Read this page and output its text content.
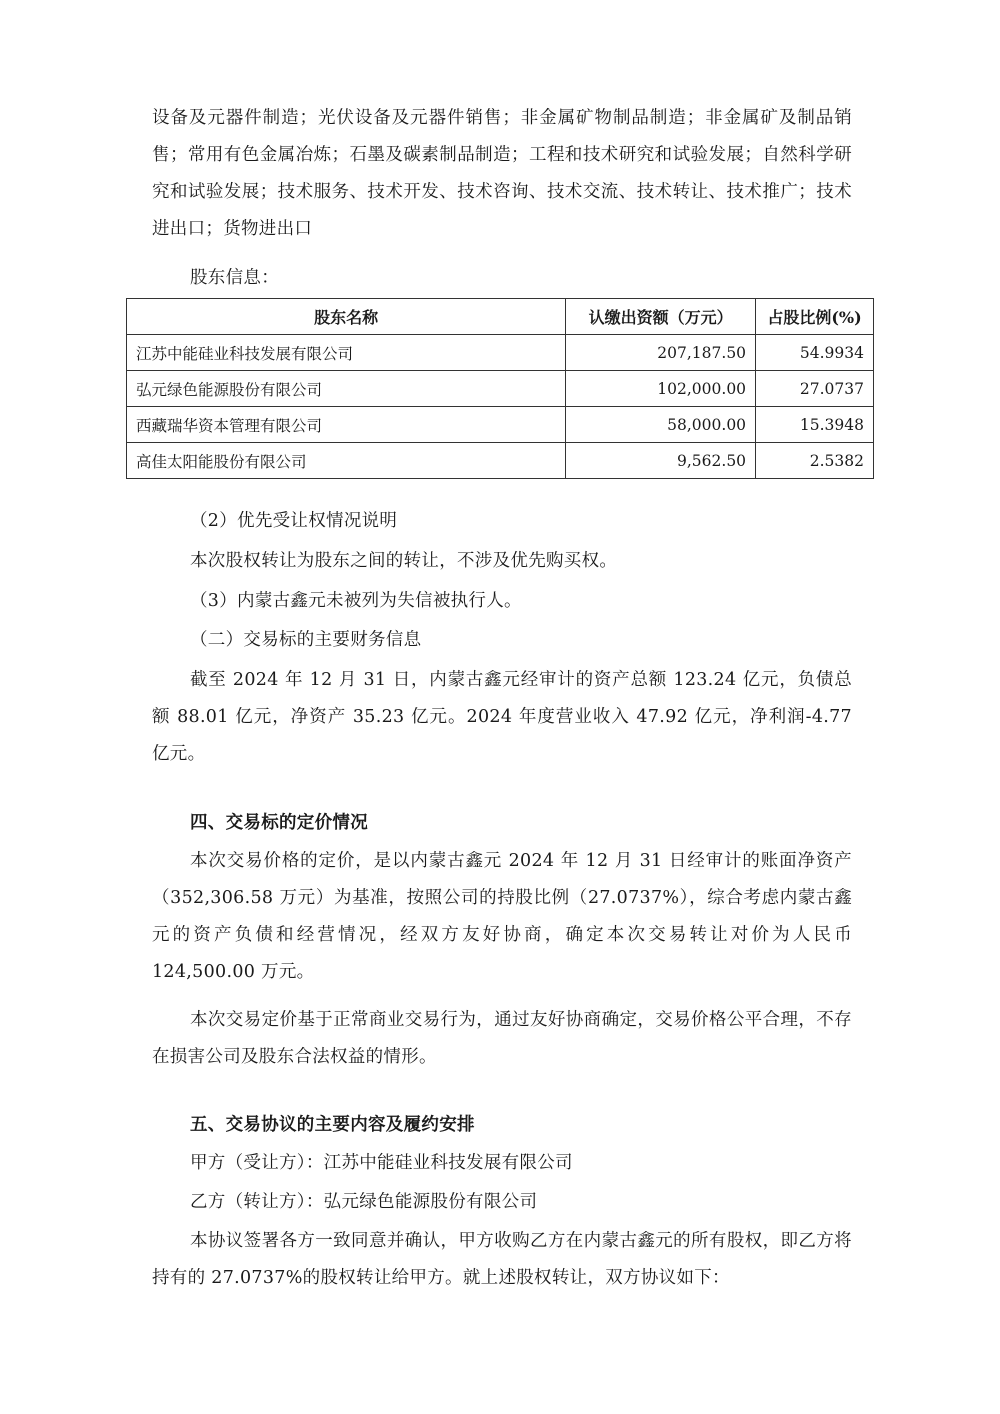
设备及元器件制造；光伏设备及元器件销售；非金属矿物制品制造；非金属矿及制品销售；常用有色金属冶炼；石墨及碳素制品制造；工程和技术研究和试验发展；自然科学研究和试验发展；技术服务、技术开发、技术咨询、技术交流、技术转让、技术推广；技术进出口；货物进出口

股东信息：

股东名称	认缴出资额（万元）	占股比例(%)
江苏中能硅业科技发展有限公司	207,187.50	54.9934
弘元绿色能源股份有限公司	102,000.00	27.0737
西藏瑞华资本管理有限公司	58,000.00	15.3948
高佳太阳能股份有限公司	9,562.50	2.5382

（2）优先受让权情况说明

本次股权转让为股东之间的转让，不涉及优先购买权。

（3）内蒙古鑫元未被列为失信被执行人。

（二）交易标的主要财务信息

截至 2024 年 12 月 31 日，内蒙古鑫元经审计的资产总额 123.24 亿元，负债总额 88.01 亿元，净资产 35.23 亿元。2024 年度营业收入 47.92 亿元，净利润-4.77 亿元。

四、交易标的定价情况

本次交易价格的定价，是以内蒙古鑫元 2024 年 12 月 31 日经审计的账面净资产（352,306.58 万元）为基准，按照公司的持股比例（27.0737%），综合考虑内蒙古鑫元的资产负债和经营情况，经双方友好协商，确定本次交易转让对价为人民币 124,500.00 万元。

本次交易定价基于正常商业交易行为，通过友好协商确定，交易价格公平合理，不存在损害公司及股东合法权益的情形。

五、交易协议的主要内容及履约安排

甲方（受让方）：江苏中能硅业科技发展有限公司

乙方（转让方）：弘元绿色能源股份有限公司

本协议签署各方一致同意并确认，甲方收购乙方在内蒙古鑫元的所有股权，即乙方将持有的 27.0737%的股权转让给甲方。就上述股权转让，双方协议如下：
